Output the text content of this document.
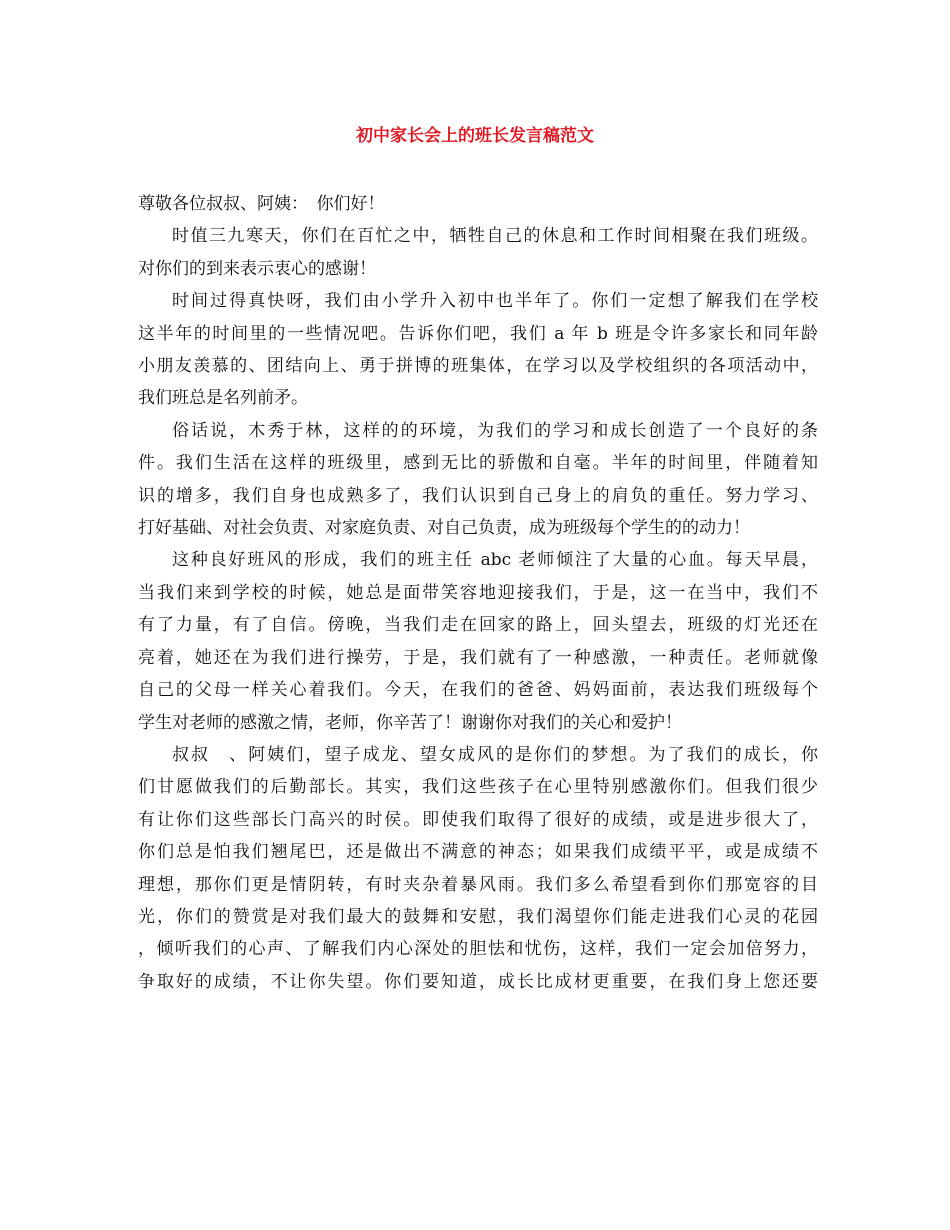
初中家长会上的班长发言稿范文

尊敬各位叔叔、阿姨：　你们好！

时值三九寒天，你们在百忙之中，牺牲自己的休息和工作时间相聚在我们班级。
对你们的到来表示衷心的感谢！

时间过得真快呀，我们由小学升入初中也半年了。你们一定想了解我们在学校
这半年的时间里的一些情况吧。告诉你们吧，我们 a 年 b 班是令许多家长和同年龄
小朋友羡慕的、团结向上、勇于拼博的班集体，在学习以及学校组织的各项活动中，
我们班总是名列前矛。

俗话说，木秀于林，这样的的环境，为我们的学习和成长创造了一个良好的条
件。我们生活在这样的班级里，感到无比的骄傲和自毫。半年的时间里，伴随着知
识的增多，我们自身也成熟多了，我们认识到自己身上的肩负的重任。努力学习、
打好基础、对社会负责、对家庭负责、对自己负责，成为班级每个学生的的动力！

这种良好班风的形成，我们的班主任 abc 老师倾注了大量的心血。每天早晨，
当我们来到学校的时候，她总是面带笑容地迎接我们，于是，这一在当中，我们不
有了力量，有了自信。傍晚，当我们走在回家的路上，回头望去，班级的灯光还在
亮着，她还在为我们进行操劳，于是，我们就有了一种感激，一种责任。老师就像
自己的父母一样关心着我们。今天，在我们的爸爸、妈妈面前，表达我们班级每个
学生对老师的感激之情，老师，你辛苦了！谢谢你对我们的关心和爱护！

叔叔　、阿姨们，望子成龙、望女成风的是你们的梦想。为了我们的成长，你
们甘愿做我们的后勤部长。其实，我们这些孩子在心里特别感激你们。但我们很少
有让你们这些部长门高兴的时侯。即使我们取得了很好的成绩，或是进步很大了，
你们总是怕我们翘尾巴，还是做出不满意的神态；如果我们成绩平平，或是成绩不
理想，那你们更是情阴转，有时夹杂着暴风雨。我们多么希望看到你们那宽容的目
光，你们的赞赏是对我们最大的鼓舞和安慰，我们渴望你们能走进我们心灵的花园
，倾听我们的心声、了解我们内心深处的胆怯和忧伤，这样，我们一定会加倍努力，
争取好的成绩，不让你失望。你们要知道，成长比成材更重要，在我们身上您还要
